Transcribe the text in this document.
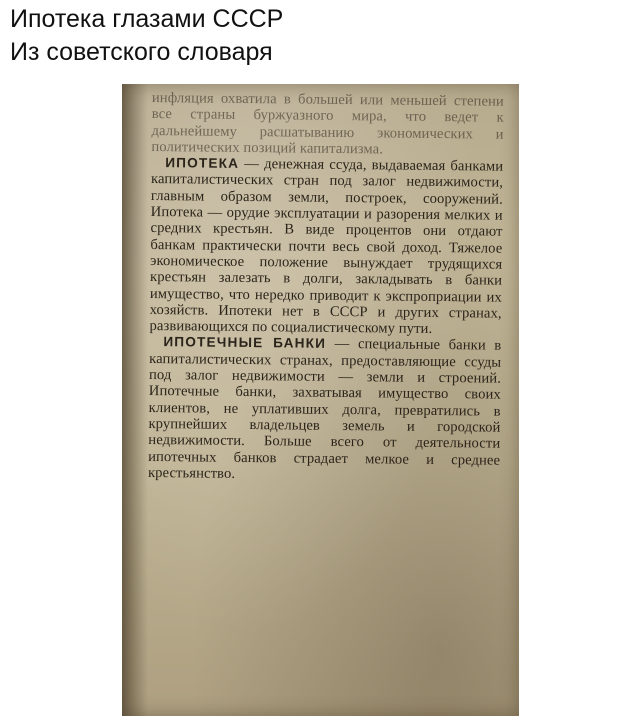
Ипотека глазами СССР
Из советского словаря

инфляция охватила в большей или меньшей степени все страны буржуазного мира, что ведет к дальнейшему расшатыванию экономических и политических позиций капитализма.

ИПОТЕКА — денежная ссуда, выдаваемая банками капиталистических стран под залог недвижимости, главным образом земли, построек, сооружений. Ипотека — орудие эксплуатации и разорения мелких и средних крестьян. В виде процентов они отдают банкам практически почти весь свой доход. Тяжелое экономическое положение вынуждает трудящихся крестьян залезать в долги, закладывать в банки имущество, что нередко приводит к экспроприации их хозяйств. Ипотеки нет в СССР и других странах, развивающихся по социалистическому пути.

ИПОТЕЧНЫЕ БАНКИ — специальные банки в капиталистических странах, предоставляющие ссуды под залог недвижимости — земли и строений. Ипотечные банки, захватывая имущество своих клиентов, не уплативших долга, превратились в крупнейших владельцев земель и городской недвижимости. Больше всего от деятельности ипотечных банков страдает мелкое и среднее крестьянство.
